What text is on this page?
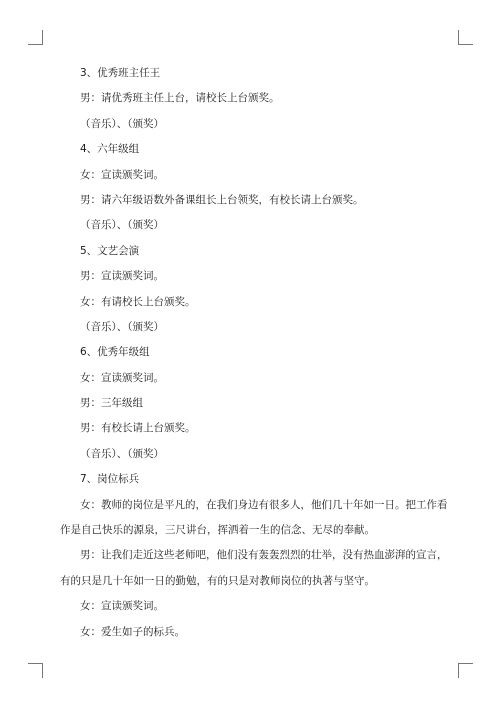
3、优秀班主任王
男：请优秀班主任上台，请校长上台颁奖。
（音乐）、（颁奖）
4、六年级组
女：宣读颁奖词。
男：请六年级语数外备课组长上台领奖，有校长请上台颁奖。
（音乐）、（颁奖）
5、文艺会演
男：宣读颁奖词。
女：有请校长上台颁奖。
（音乐）、（颁奖）
6、优秀年级组
女：宣读颁奖词。
男：三年级组
男：有校长请上台颁奖。
（音乐）、（颁奖）
7、岗位标兵
女：教师的岗位是平凡的，在我们身边有很多人，他们几十年如一日。把工作看
作是自己快乐的源泉，三尺讲台，挥洒着一生的信念、无尽的奉献。
男：让我们走近这些老师吧，他们没有轰轰烈烈的壮举，没有热血澎湃的宣言，
有的只是几十年如一日的勤勉，有的只是对教师岗位的执著与坚守。
女：宣读颁奖词。
女：爱生如子的标兵。
